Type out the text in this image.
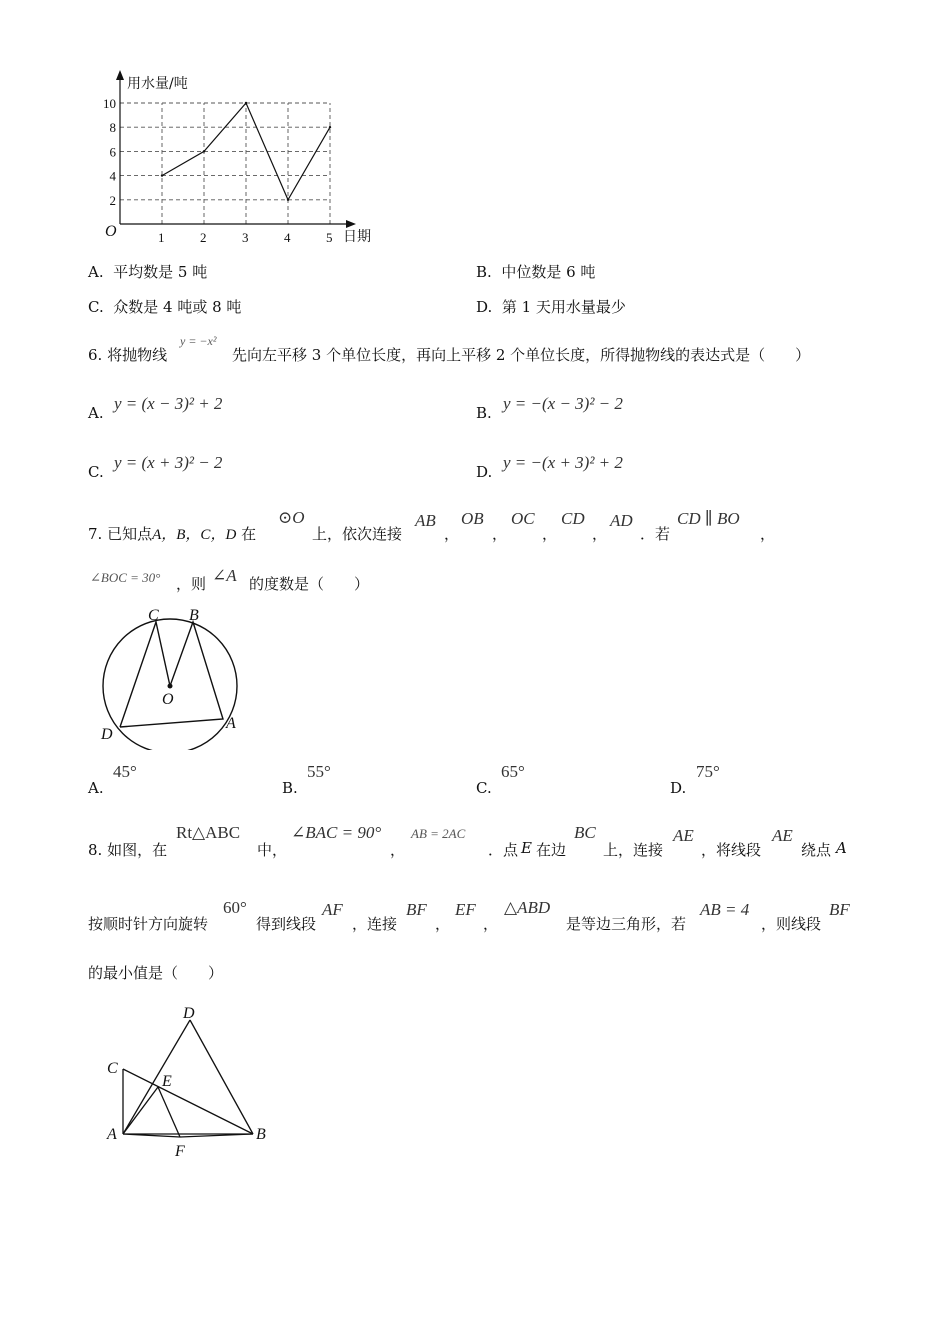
1	2	3	4	5
2
4
6
8
10
用水量/吨
日期
O
A. 平均数是 5 吨	B. 中位数是 6 吨
C. 众数是 4 吨或 8 吨	D. 第 1 天用水量最少
6. 将抛物线
y = −x²
先向左平移 3 个单位长度，再向上平移 2 个单位长度，所得抛物线的表达式是（　　）
A. y = (x − 3)² + 2	B. y = −(x − 3)² − 2
C. y = (x + 3)² − 2	D. y = −(x + 3)² + 2
7. 已知点A，B，C，D 在
⊙O
上，依次连接
AB
，
OB
，
OC
，
CD
，
AD
．若
CD ∥ BO
，
∠BOC = 30° ，则 ∠A 的度数是（　　）
C B
O
D
A
A.
45°
B.
55°
C.
65°
D.
75°
8. 如图，在
Rt△ABC
中，
∠BAC = 90°
，
AB = 2AC
．点 E 在边
BC
上，连接
AE
，将线段
AE
绕点 A
按顺时针方向旋转
60°
得到线段
AF
，连接
BF
，
EF
，
△ABD
是等边三角形，若
AB = 4
，则线段
BF
的最小值是（　　）
D
C
E
A	B
F
